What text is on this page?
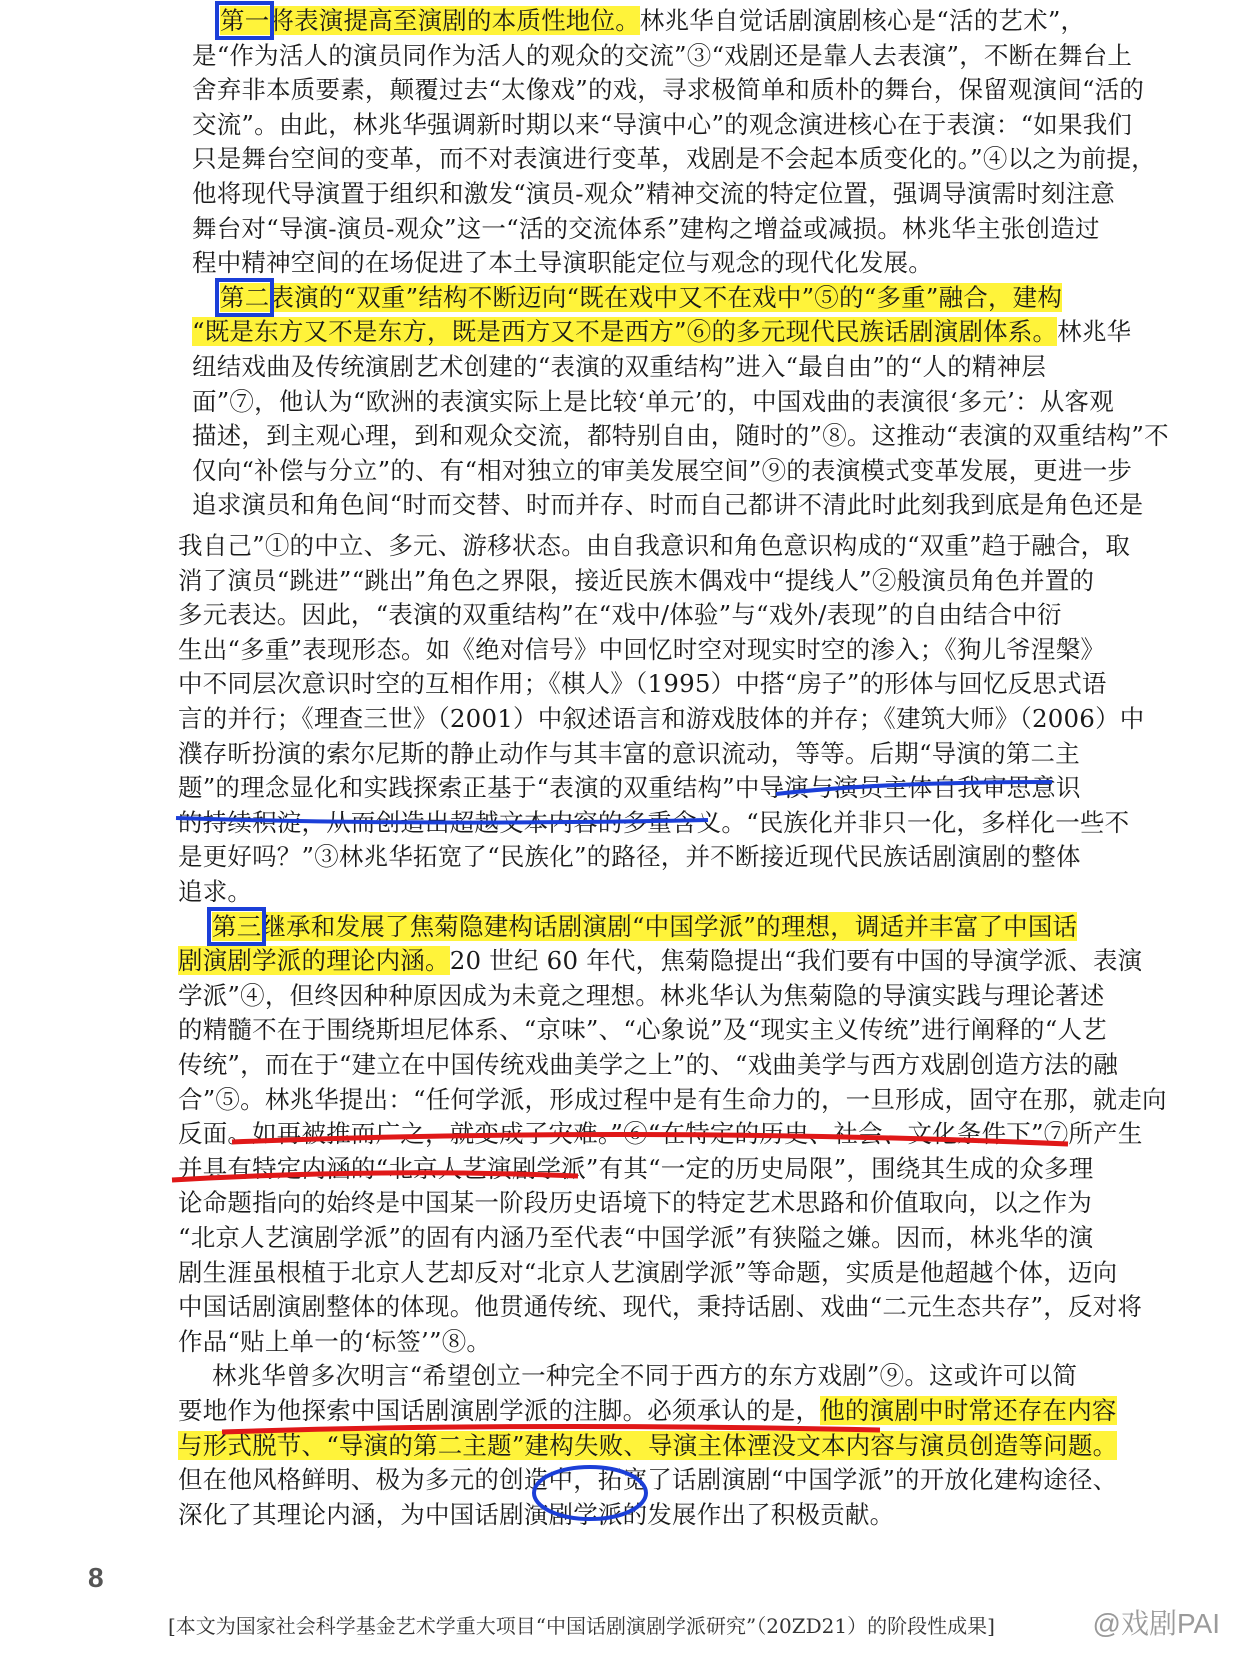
第一将表演提高至演剧的本质性地位。林兆华自觉话剧演剧核心是“活的艺术”，
是“作为活人的演员同作为活人的观众的交流”③“戏剧还是靠人去表演”，不断在舞台上
舍弃非本质要素，颠覆过去“太像戏”的戏，寻求极简单和质朴的舞台，保留观演间“活的
交流”。由此，林兆华强调新时期以来“导演中心”的观念演进核心在于表演：“如果我们
只是舞台空间的变革，而不对表演进行变革，戏剧是不会起本质变化的。”④以之为前提，
他将现代导演置于组织和激发“演员-观众”精神交流的特定位置，强调导演需时刻注意
舞台对“导演-演员-观众”这一“活的交流体系”建构之增益或减损。林兆华主张创造过
程中精神空间的在场促进了本土导演职能定位与观念的现代化发展。
第二表演的“双重”结构不断迈向“既在戏中又不在戏中”⑤的“多重”融合，建构
“既是东方又不是东方，既是西方又不是西方”⑥的多元现代民族话剧演剧体系。林兆华
纽结戏曲及传统演剧艺术创建的“表演的双重结构”进入“最自由”的“人的精神层
面”⑦，他认为“欧洲的表演实际上是比较‘单元’的，中国戏曲的表演很‘多元’：从客观
描述，到主观心理，到和观众交流，都特别自由，随时的”⑧。这推动“表演的双重结构”不
仅向“补偿与分立”的、有“相对独立的审美发展空间”⑨的表演模式变革发展，更进一步
追求演员和角色间“时而交替、时而并存、时而自己都讲不清此时此刻我到底是角色还是
我自己”①的中立、多元、游移状态。由自我意识和角色意识构成的“双重”趋于融合，取
消了演员“跳进”“跳出”角色之界限，接近民族木偶戏中“提线人”②般演员角色并置的
多元表达。因此，“表演的双重结构”在“戏中/体验”与“戏外/表现”的自由结合中衍
生出“多重”表现形态。如《绝对信号》中回忆时空对现实时空的渗入；《狗儿爷涅槃》
中不同层次意识时空的互相作用；《棋人》（1995）中搭“房子”的形体与回忆反思式语
言的并行；《理查三世》（2001）中叙述语言和游戏肢体的并存；《建筑大师》（2006）中
濮存昕扮演的索尔尼斯的静止动作与其丰富的意识流动，等等。后期“导演的第二主
题”的理念显化和实践探索正基于“表演的双重结构”中导演与演员主体自我审思意识
的持续积淀，从而创造出超越文本内容的多重含义。“民族化并非只一化，多样化一些不
是更好吗？”③林兆华拓宽了“民族化”的路径，并不断接近现代民族话剧演剧的整体
追求。
第三继承和发展了焦菊隐建构话剧演剧“中国学派”的理想，调适并丰富了中国话
剧演剧学派的理论内涵。20 世纪 60 年代，焦菊隐提出“我们要有中国的导演学派、表演
学派”④，但终因种种原因成为未竟之理想。林兆华认为焦菊隐的导演实践与理论著述
的精髓不在于围绕斯坦尼体系、“京味”、“心象说”及“现实主义传统”进行阐释的“人艺
传统”，而在于“建立在中国传统戏曲美学之上”的、“戏曲美学与西方戏剧创造方法的融
合”⑤。林兆华提出：“任何学派，形成过程中是有生命力的，一旦形成，固守在那，就走向
反面。如再被推而广之，就变成了灾难。”⑥“在特定的历史、社会、文化条件下”⑦所产生
并具有特定内涵的“北京人艺演剧学派”有其“一定的历史局限”，围绕其生成的众多理
论命题指向的始终是中国某一阶段历史语境下的特定艺术思路和价值取向，以之作为
“北京人艺演剧学派”的固有内涵乃至代表“中国学派”有狭隘之嫌。因而，林兆华的演
剧生涯虽根植于北京人艺却反对“北京人艺演剧学派”等命题，实质是他超越个体，迈向
中国话剧演剧整体的体现。他贯通传统、现代，秉持话剧、戏曲“二元生态共存”，反对将
作品“贴上单一的‘标签’”⑧。
林兆华曾多次明言“希望创立一种完全不同于西方的东方戏剧”⑨。这或许可以简
要地作为他探索中国话剧演剧学派的注脚。必须承认的是，他的演剧中时常还存在内容
与形式脱节、“导演的第二主题”建构失败、导演主体湮没文本内容与演员创造等问题。
但在他风格鲜明、极为多元的创造中，拓宽了话剧演剧“中国学派”的开放化建构途径、
深化了其理论内涵，为中国话剧演剧学派的发展作出了积极贡献。
8
[本文为国家社会科学基金艺术学重大项目“中国话剧演剧学派研究”（20ZD21）的阶段性成果]	@戏剧PAI
